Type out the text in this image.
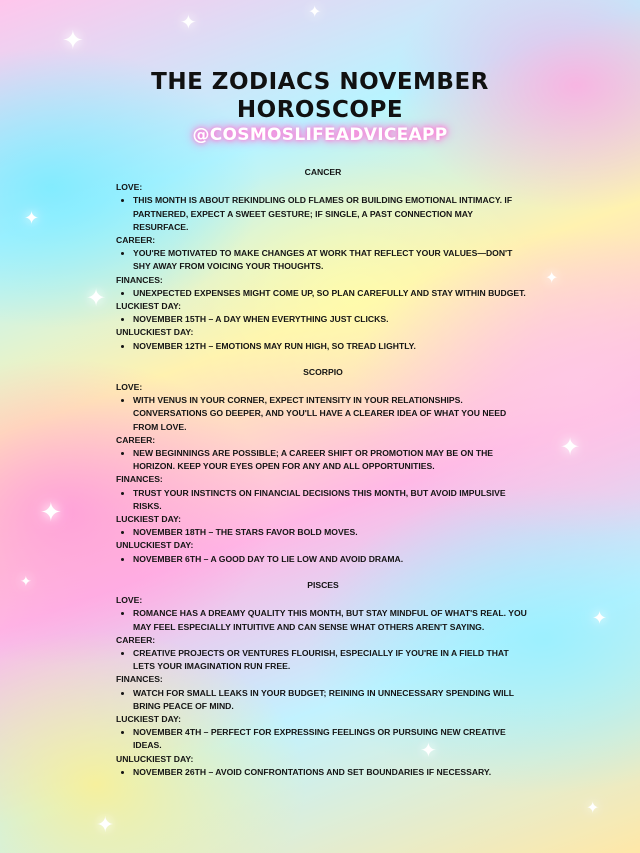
✦
✦	✦
✦
✦
✦
✦
✦
✦
✦
✦
✦
✦
THE ZODIACS NOVEMBER
HOROSCOPE
@COSMOSLIFEADVICEAPP
CANCER
LOVE:
• THIS MONTH IS ABOUT REKINDLING OLD FLAMES OR BUILDING EMOTIONAL INTIMACY. IF PARTNERED, EXPECT A SWEET GESTURE; IF SINGLE, A PAST CONNECTION MAY RESURFACE.
CAREER:
• YOU'RE MOTIVATED TO MAKE CHANGES AT WORK THAT REFLECT YOUR VALUES—DON'T SHY AWAY FROM VOICING YOUR THOUGHTS.
FINANCES:
• UNEXPECTED EXPENSES MIGHT COME UP, SO PLAN CAREFULLY AND STAY WITHIN BUDGET.
LUCKIEST DAY:
• NOVEMBER 15TH – A DAY WHEN EVERYTHING JUST CLICKS.
UNLUCKIEST DAY:
• NOVEMBER 12TH – EMOTIONS MAY RUN HIGH, SO TREAD LIGHTLY.
SCORPIO
LOVE:
• WITH VENUS IN YOUR CORNER, EXPECT INTENSITY IN YOUR RELATIONSHIPS. CONVERSATIONS GO DEEPER, AND YOU'LL HAVE A CLEARER IDEA OF WHAT YOU NEED FROM LOVE.
CAREER:
• NEW BEGINNINGS ARE POSSIBLE; A CAREER SHIFT OR PROMOTION MAY BE ON THE HORIZON. KEEP YOUR EYES OPEN FOR ANY AND ALL OPPORTUNITIES.
FINANCES:
• TRUST YOUR INSTINCTS ON FINANCIAL DECISIONS THIS MONTH, BUT AVOID IMPULSIVE RISKS.
LUCKIEST DAY:
• NOVEMBER 18TH – THE STARS FAVOR BOLD MOVES.
UNLUCKIEST DAY:
• NOVEMBER 6TH – A GOOD DAY TO LIE LOW AND AVOID DRAMA.
PISCES
LOVE:
• ROMANCE HAS A DREAMY QUALITY THIS MONTH, BUT STAY MINDFUL OF WHAT'S REAL. YOU MAY FEEL ESPECIALLY INTUITIVE AND CAN SENSE WHAT OTHERS AREN'T SAYING.
CAREER:
• CREATIVE PROJECTS OR VENTURES FLOURISH, ESPECIALLY IF YOU'RE IN A FIELD THAT LETS YOUR IMAGINATION RUN FREE.
FINANCES:
• WATCH FOR SMALL LEAKS IN YOUR BUDGET; REINING IN UNNECESSARY SPENDING WILL BRING PEACE OF MIND.
LUCKIEST DAY:
• NOVEMBER 4TH – PERFECT FOR EXPRESSING FEELINGS OR PURSUING NEW CREATIVE IDEAS.
UNLUCKIEST DAY:
• NOVEMBER 26TH – AVOID CONFRONTATIONS AND SET BOUNDARIES IF NECESSARY.
